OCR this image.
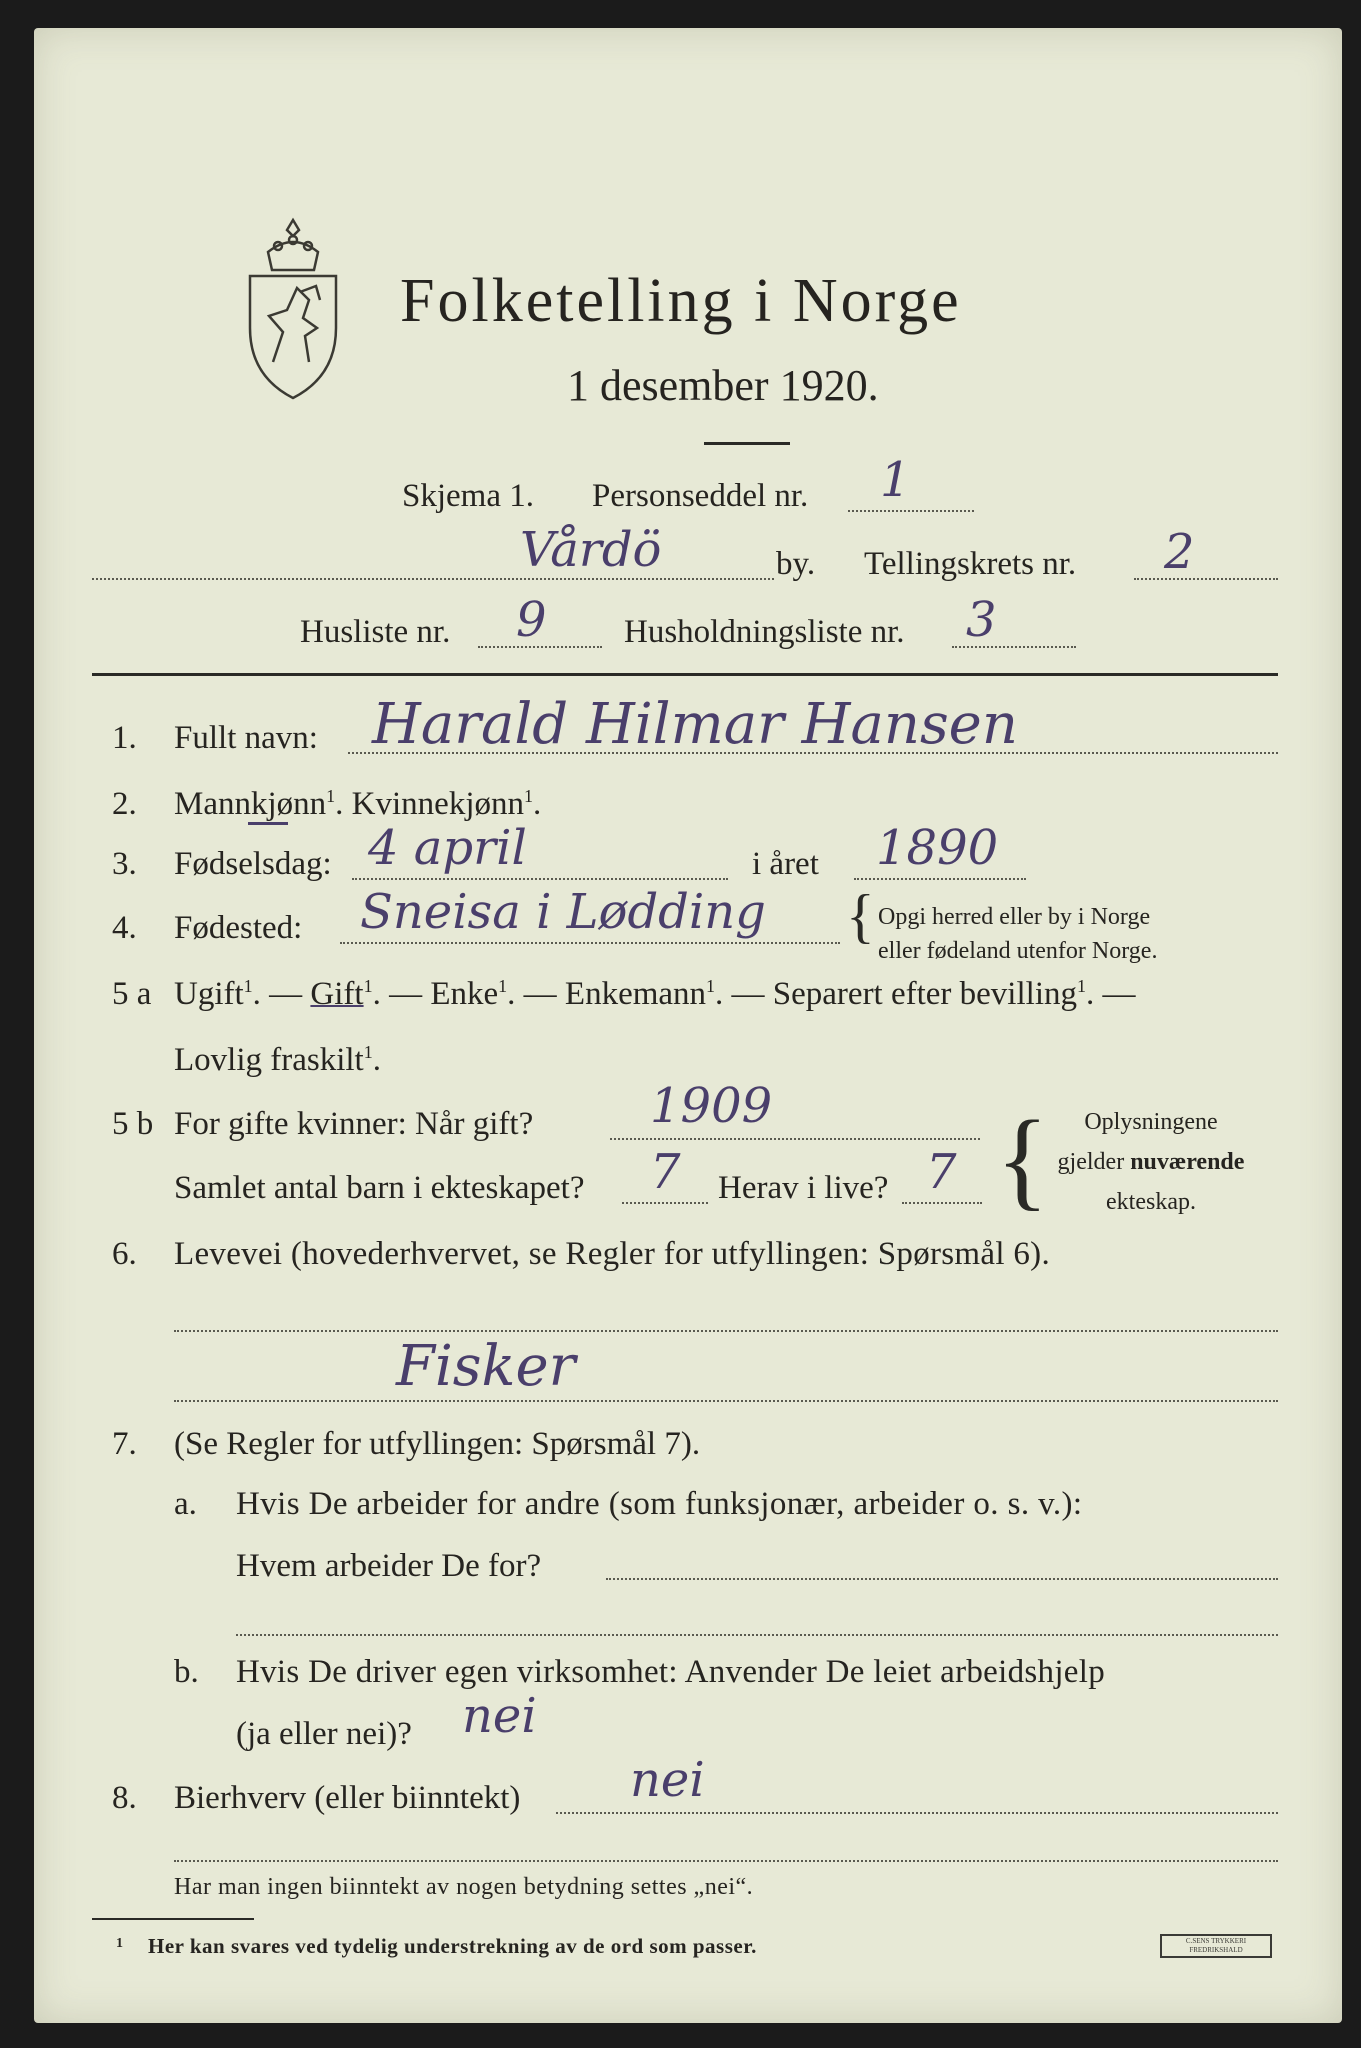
Folketelling i Norge
1 desember 1920.
Skjema 1. Personseddel nr. 1
Vårdö	by. Tellingskrets nr. 2
Husliste nr. 9 Husholdningsliste nr. 3
1. Fullt navn: Harald Hilmar Hansen
2. Mannkjønn$^1$. Kvinnekjønn$^1$.
3. Fødselsdag: 4 april	i året 1890
4. Fødested: Sneisa i Lødding { Opgi herred eller by i Norge
eller fødeland utenfor Norge.
5 a Ugift$^1$. — Gift$^1$. — Enke$^1$. — Enkemann$^1$. — Separert efter bevilling$^1$. —
Lovlig fraskilt$^1$.
5 b For gifte kvinner: Når gift? 1909
Samlet antal barn i ekteskapet? 7 Herav i live? 7 {	Oplysningene
gjelder nuværende
ekteskap.
6. Levevei (hovederhvervet, se Regler for utfyllingen: Spørsmål 6).
Fisker
7. (Se Regler for utfyllingen: Spørsmål 7).
a. Hvis De arbeider for andre (som funksjonær, arbeider o. s. v.):
Hvem arbeider De for?
b. Hvis De driver egen virksomhet: Anvender De leiet arbeidshjelp
(ja eller nei)? nei
8. Bierhverv (eller biinntekt) nei
Har man ingen biinntekt av nogen betydning settes „nei“.
1 Her kan svares ved tydelig understrekning av de ord som passer.	C.SENS TRYKKERI
FREDRIKSHALD
